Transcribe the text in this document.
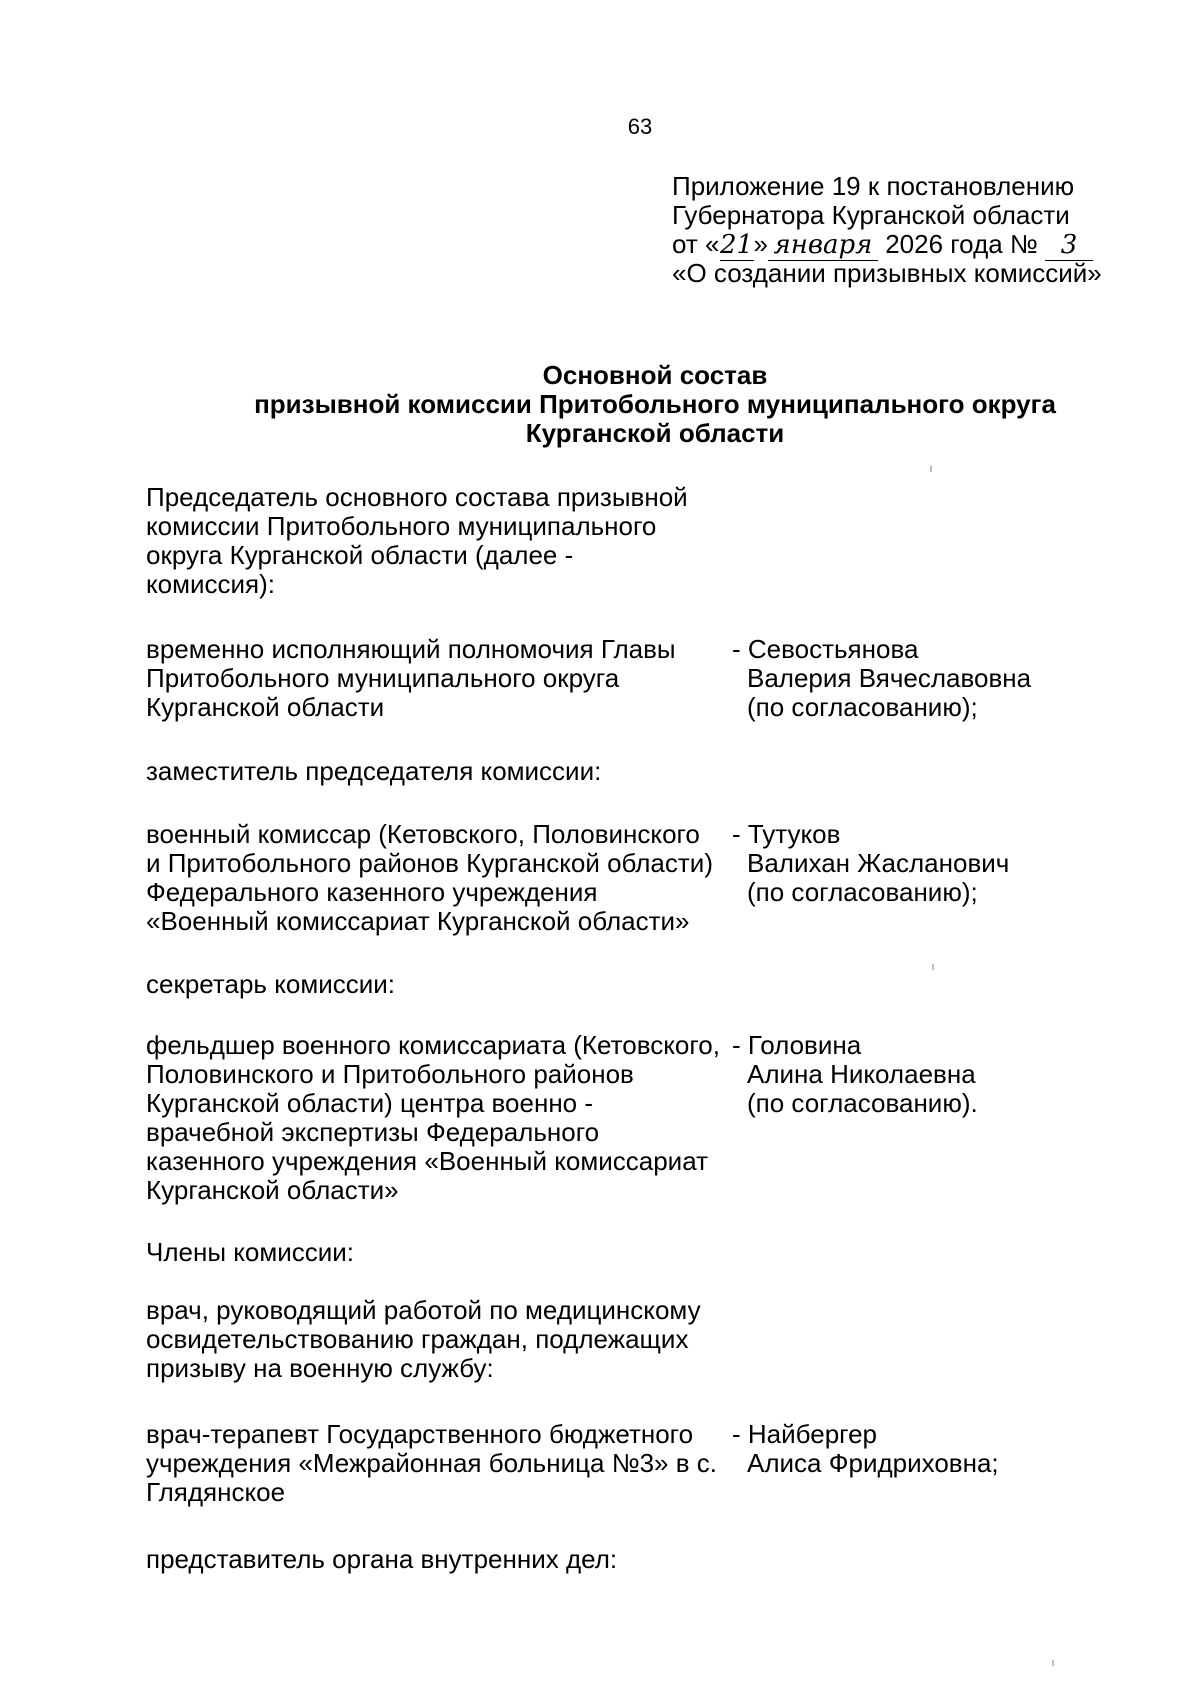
63
Приложение 19 к постановлению
Губернатора Курганской области
от «21» января 2026 года № 3
«О создании призывных комиссий»
Основной состав
призывной комиссии Притобольного муниципального округа
Курганской области
Председатель основного состава призывной
комиссии Притобольного муниципального
округа Курганской области (далее -
комиссия):
временно исполняющий полномочия Главы
Притобольного муниципального округа
Курганской области
- Севостьянова
Валерия Вячеславовна
(по согласованию);
заместитель председателя комиссии:
военный комиссар (Кетовского, Половинского
и Притобольного районов Курганской области)
Федерального казенного учреждения
«Военный комиссариат Курганской области»
- Тутуков
Валихан Жасланович
(по согласованию);
секретарь комиссии:
фельдшер военного комиссариата (Кетовского,
Половинского и Притобольного районов
Курганской области) центра военно -
врачебной экспертизы Федерального
казенного учреждения «Военный комиссариат
Курганской области»
- Головина
Алина Николаевна
(по согласованию).
Члены комиссии:
врач, руководящий работой по медицинскому
освидетельствованию граждан, подлежащих
призыву на военную службу:
врач-терапевт Государственного бюджетного
учреждения «Межрайонная больница №3» в с.
Глядянское
- Найбергер
Алиса Фридриховна;
представитель органа внутренних дел:
